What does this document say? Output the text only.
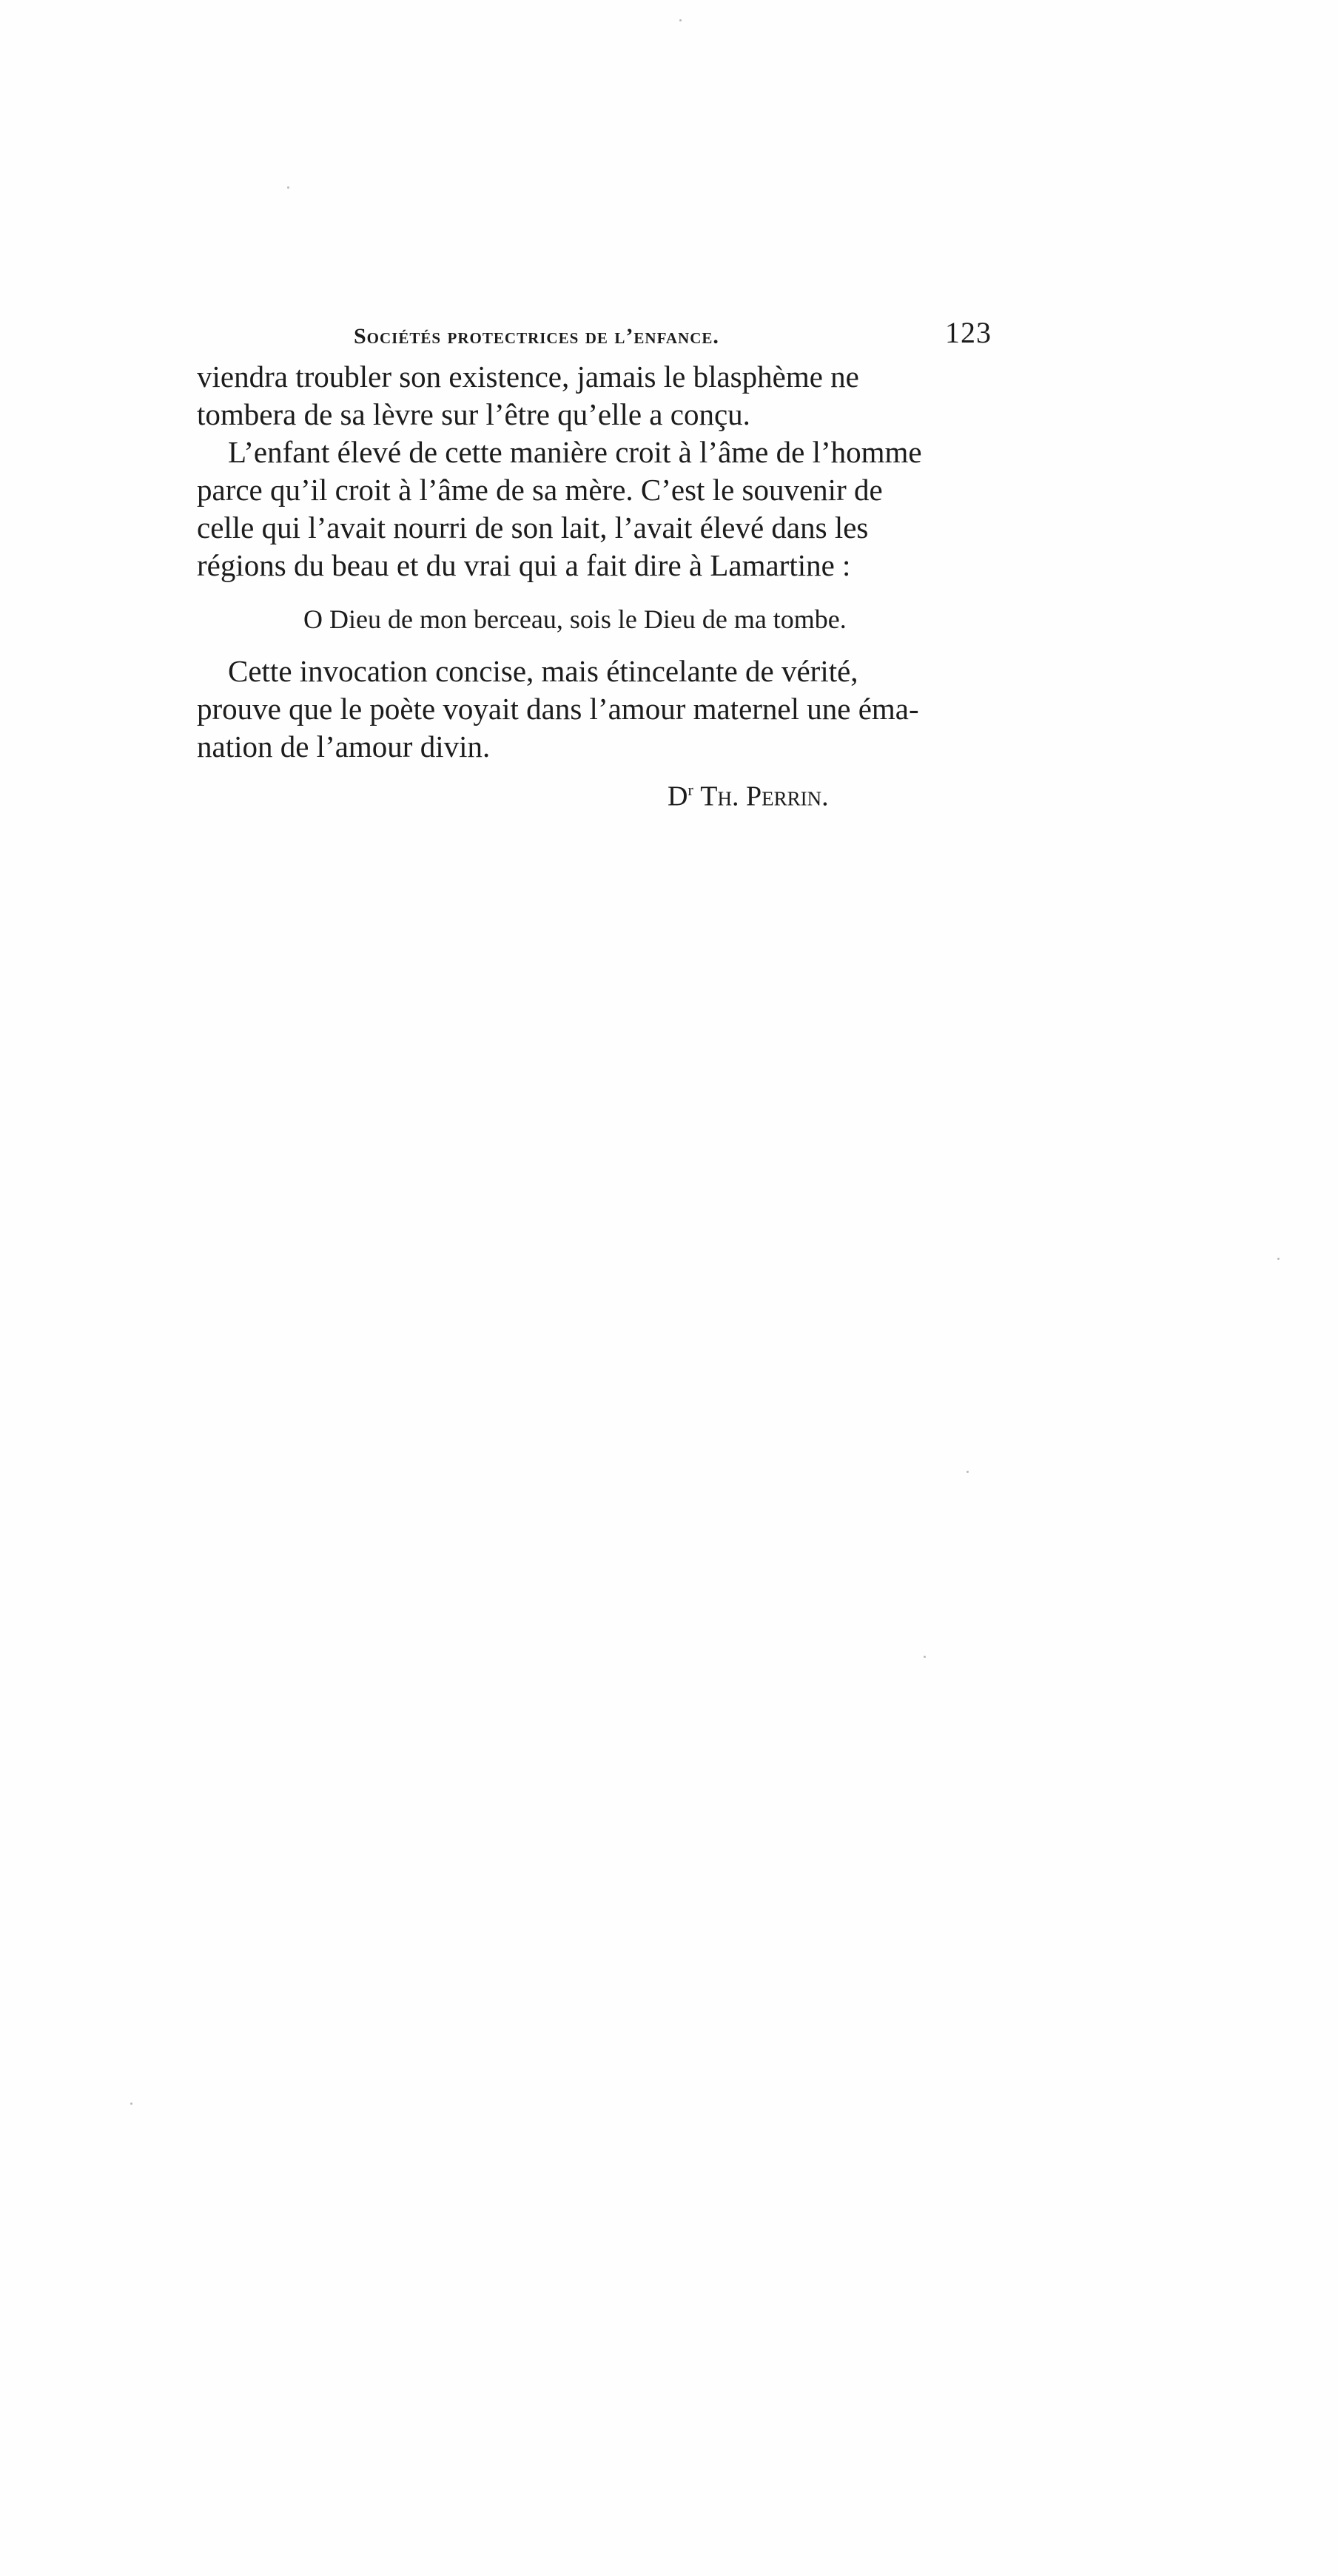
Sociétés protectrices de l’enfance.	123

viendra troubler son existence, jamais le blasphème ne
tombera de sa lèvre sur l’être qu’elle a conçu.

L’enfant élevé de cette manière croit à l’âme de l’homme
parce qu’il croit à l’âme de sa mère. C’est le souvenir de
celle qui l’avait nourri de son lait, l’avait élevé dans les
régions du beau et du vrai qui a fait dire à Lamartine :

O Dieu de mon berceau, sois le Dieu de ma tombe.

Cette invocation concise, mais étincelante de vérité,
prouve que le poète voyait dans l’amour maternel une éma-
nation de l’amour divin.

$D^r$ Th. Perrin.
